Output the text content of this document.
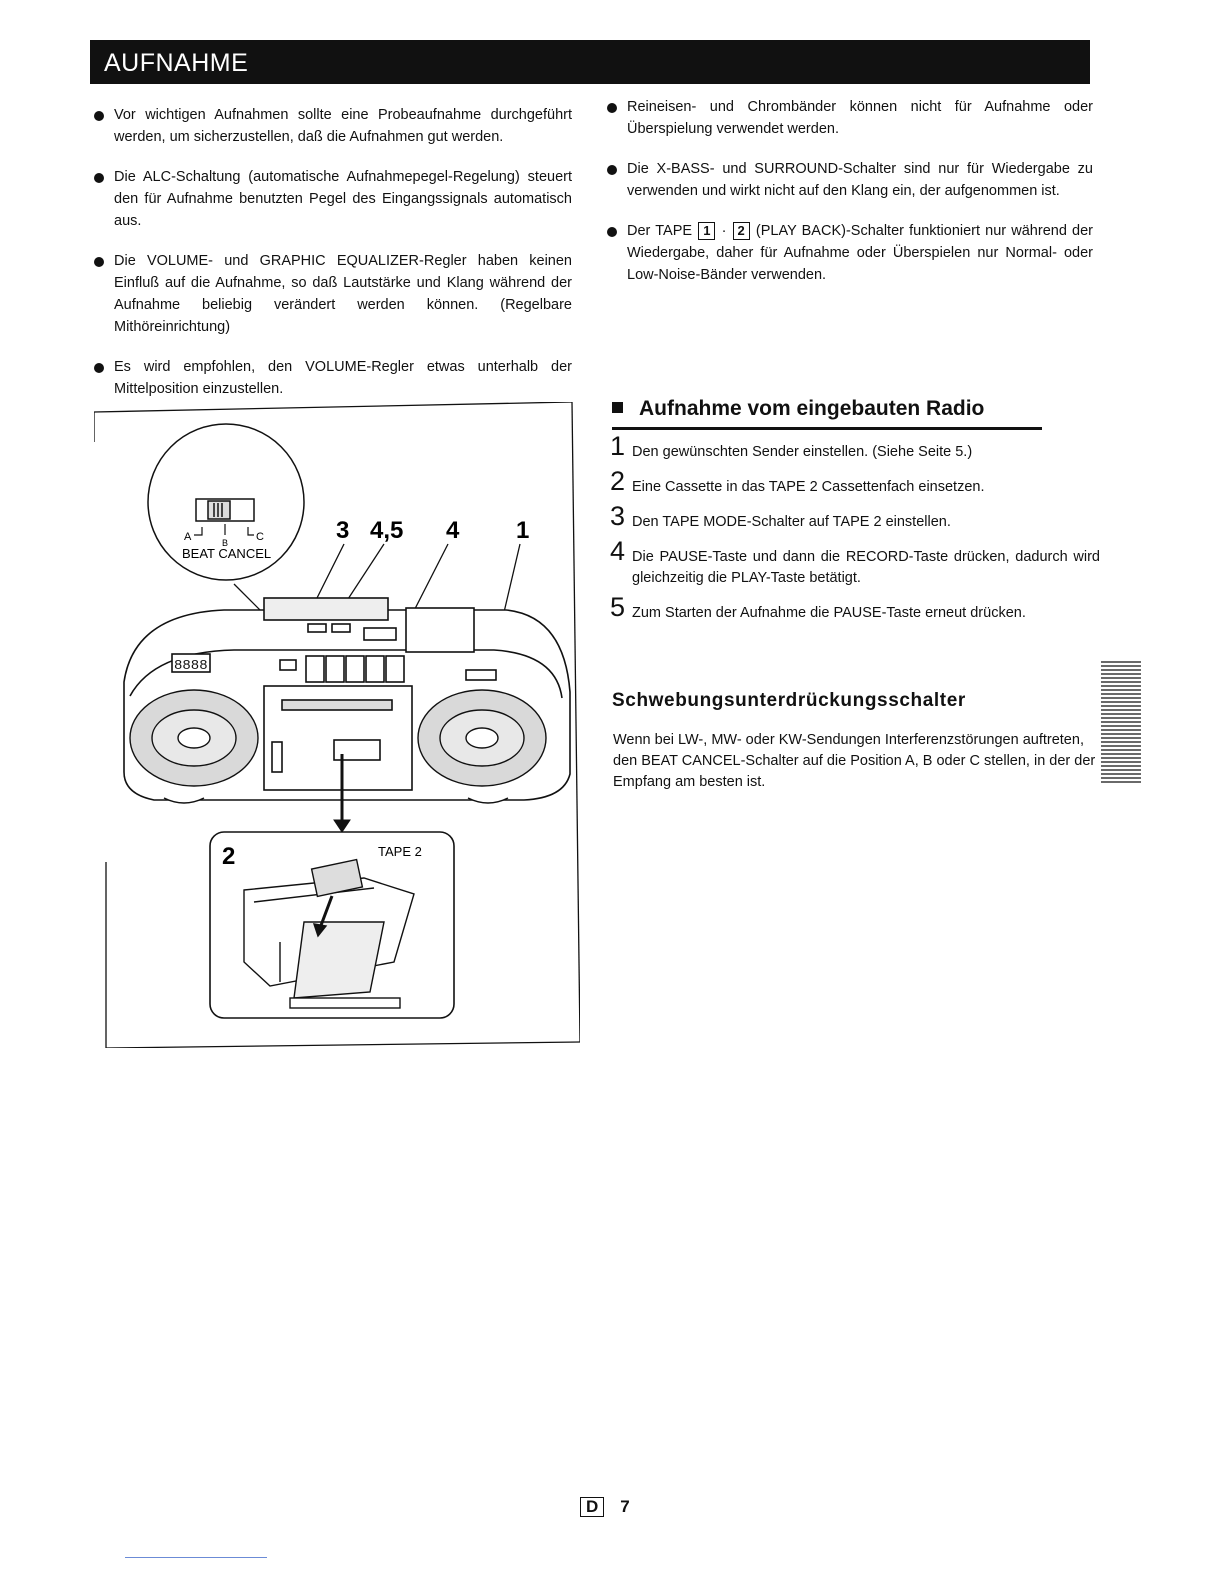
AUFNAHME
Vor wichtigen Aufnahmen sollte eine Probeaufnahme durchgeführt werden, um sicherzustellen, daß die Aufnahmen gut werden.
Die ALC-Schaltung (automatische Aufnahmepegel-Regelung) steuert den für Aufnahme benutzten Pegel des Eingangssignals automatisch aus.
Die VOLUME- und GRAPHIC EQUALIZER-Regler haben keinen Einfluß auf die Aufnahme, so daß Lautstärke und Klang während der Aufnahme beliebig verändert werden können. (Regelbare Mithöreinrichtung)
Es wird empfohlen, den VOLUME-Regler etwas unterhalb der Mittelposition einzustellen.
Reineisen- und Chrombänder können nicht für Aufnahme oder Überspielung verwendet werden.
Die X-BASS- und SURROUND-Schalter sind nur für Wiedergabe zu verwenden und wirkt nicht auf den Klang ein, der aufgenommen ist.
Der TAPE 1 · 2 (PLAY BACK)-Schalter funktioniert nur während der Wiedergabe, daher für Aufnahme oder Überspielen nur Normal- oder Low-Noise-Bänder verwenden.
Aufnahme vom eingebauten Radio
1 Den gewünschten Sender einstellen. (Siehe Seite 5.)
2 Eine Cassette in das TAPE 2 Cassettenfach einsetzen.
3 Den TAPE MODE-Schalter auf TAPE 2 einstellen.
4 Die PAUSE-Taste und dann die RECORD-Taste drücken, dadurch wird gleichzeitig die PLAY-Taste betätigt.
5 Zum Starten der Aufnahme die PAUSE-Taste erneut drücken.
Schwebungsunterdrückungsschalter
Wenn bei LW-, MW- oder KW-Sendungen Interferenzstörungen auftreten, den BEAT CANCEL-Schalter auf die Position A, B oder C stellen, in der der Empfang am besten ist.
A	B	C
BEAT CANCEL
3 4,5 4 1
8888
2	TAPE 2
D 7
